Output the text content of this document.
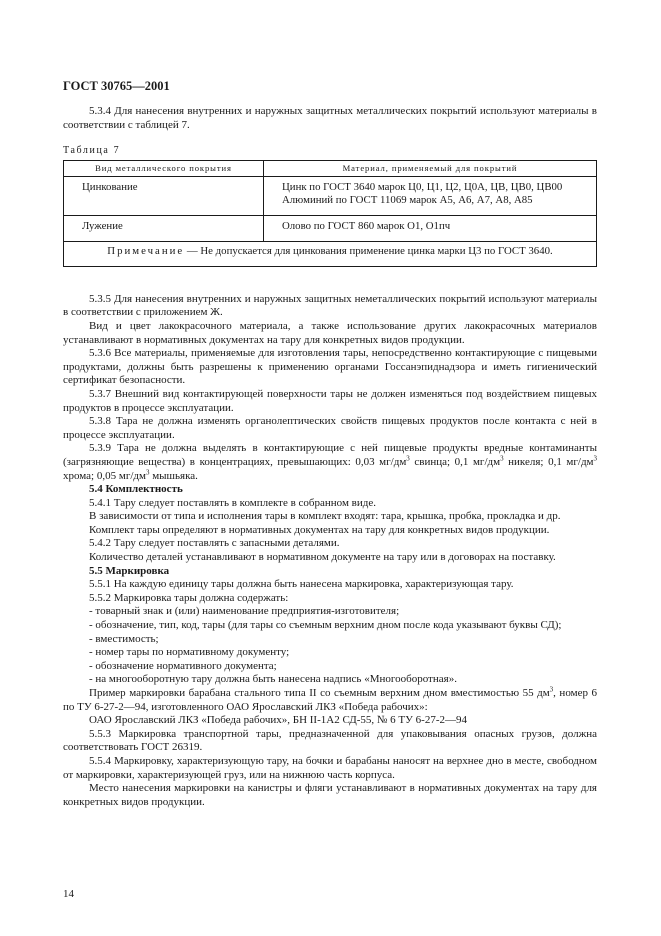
ГОСТ 30765—2001

5.3.4 Для нанесения внутренних и наружных защитных металлических покрытий используют материалы в соответствии с таблицей 7.

Таблица 7
Вид металлического покрытия	Материал, применяемый для покрытий
Цинкование	Цинк по ГОСТ 3640 марок Ц0, Ц1, Ц2, Ц0А, ЦВ, ЦВ0, ЦВ00
Алюминий по ГОСТ 11069 марок А5, А6, А7, А8, А85

Лужение	Олово по ГОСТ 860 марок О1, О1пч

Примечание — Не допускается для цинкования применение цинка марки Ц3 по ГОСТ 3640.	

5.3.5 Для нанесения внутренних и наружных защитных неметаллических покрытий используют материалы в соответствии с приложением Ж.

Вид и цвет лакокрасочного материала, а также использование других лакокрасочных материалов устанавливают в нормативных документах на тару для конкретных видов продукции.

5.3.6 Все материалы, применяемые для изготовления тары, непосредственно контактирующие с пищевыми продуктами, должны быть разрешены к применению органами Госсанэпиднадзора и иметь гигиенический сертификат безопасности.

5.3.7 Внешний вид контактирующей поверхности тары не должен изменяться под воздействием пищевых продуктов в процессе эксплуатации.

5.3.8 Тара не должна изменять органолептических свойств пищевых продуктов после контакта с ней в процессе эксплуатации.

5.3.9 Тара не должна выделять в контактирующие с ней пищевые продукты вредные контаминанты (загрязняющие вещества) в концентрациях, превышающих: 0,03 $мг/дм^3$ свинца; 0,1 $мг/дм^3$ никеля; 0,1 $мг/дм^3$ хрома; 0,05 $мг/дм^3$ мышьяка.

5.4 Комплектность

5.4.1 Тару следует поставлять в комплекте в собранном виде.

В зависимости от типа и исполнения тары в комплект входят: тара, крышка, пробка, прокладка и др.

Комплект тары определяют в нормативных документах на тару для конкретных видов продукции.

5.4.2 Тару следует поставлять с запасными деталями.

Количество деталей устанавливают в нормативном документе на тару или в договорах на поставку.

5.5 Маркировка

5.5.1 На каждую единицу тары должна быть нанесена маркировка, характеризующая тару.

5.5.2 Маркировка тары должна содержать:

- товарный знак и (или) наименование предприятия-изготовителя;

- обозначение, тип, код, тары (для тары со съемным верхним дном после кода указывают буквы СД);

- вместимость;

- номер тары по нормативному документу;

- обозначение нормативного документа;

- на многооборотную тару должна быть нанесена надпись «Многооборотная».

Пример маркировки барабана стального типа II со съемным верхним дном вместимостью 55 $дм^3$, номер 6 по ТУ 6-27-2—94, изготовленного ОАО Ярославский ЛКЗ «Победа рабочих»:

ОАО Ярославский ЛКЗ «Победа рабочих», БН II-1А2 СД-55, № 6 ТУ 6-27-2—94

5.5.3 Маркировка транспортной тары, предназначенной для упаковывания опасных грузов, должна соответствовать ГОСТ 26319.

5.5.4 Маркировку, характеризующую тару, на бочки и барабаны наносят на верхнее дно в месте, свободном от маркировки, характеризующей груз, или на нижнюю часть корпуса.

Место нанесения маркировки на канистры и фляги устанавливают в нормативных документах на тару для конкретных видов продукции.

14
